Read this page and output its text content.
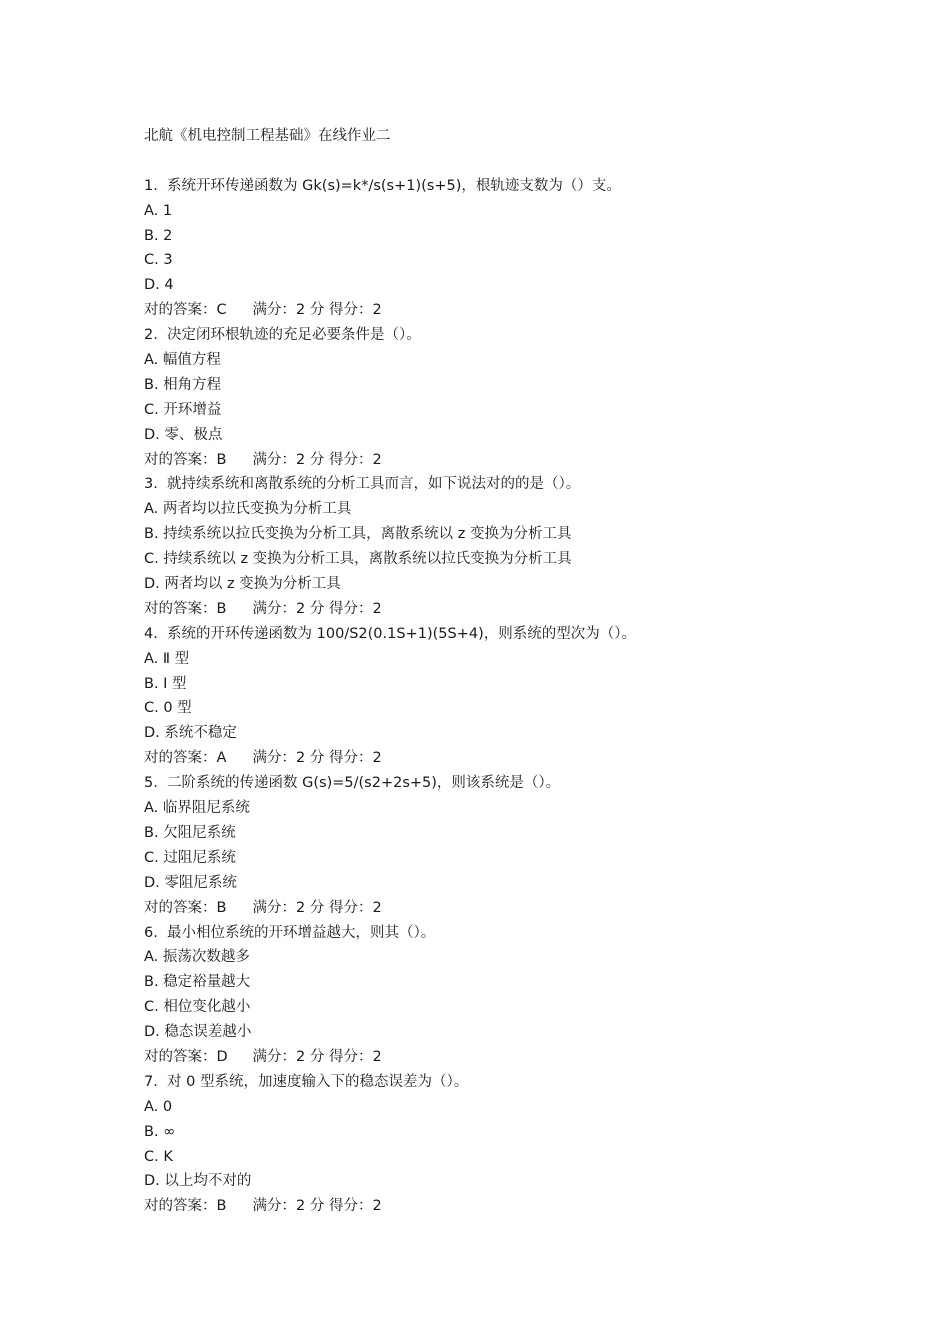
北航《机电控制工程基础》在线作业二
1.  系统开环传递函数为 Gk(s)=k*/s(s+1)(s+5)，根轨迹支数为（）支。
A. 1
B. 2
C. 3
D. 4
对的答案：C 满分：2 分 得分：2
2.  决定闭环根轨迹的充足必要条件是（）。
A. 幅值方程
B. 相角方程
C. 开环增益
D. 零、极点
对的答案：B 满分：2 分 得分：2
3.  就持续系统和离散系统的分析工具而言，如下说法对的的是（）。
A. 两者均以拉氏变换为分析工具
B. 持续系统以拉氏变换为分析工具，离散系统以 z 变换为分析工具
C. 持续系统以 z 变换为分析工具，离散系统以拉氏变换为分析工具
D. 两者均以 z 变换为分析工具
对的答案：B 满分：2 分 得分：2
4.  系统的开环传递函数为 100/S2(0.1S+1)(5S+4)，则系统的型次为（）。
A. Ⅱ 型
B. Ⅰ 型
C. 0 型
D. 系统不稳定
对的答案：A 满分：2 分 得分：2
5.  二阶系统的传递函数 G(s)=5/(s2+2s+5)，则该系统是（）。
A. 临界阻尼系统
B. 欠阻尼系统
C. 过阻尼系统
D. 零阻尼系统
对的答案：B 满分：2 分 得分：2
6.  最小相位系统的开环增益越大，则其（）。
A. 振荡次数越多
B. 稳定裕量越大
C. 相位变化越小
D. 稳态误差越小
对的答案：D 满分：2 分 得分：2
7.  对 0 型系统，加速度输入下的稳态误差为（）。
A. 0
B. ∞
C. K
D. 以上均不对的
对的答案：B 满分：2 分 得分：2
